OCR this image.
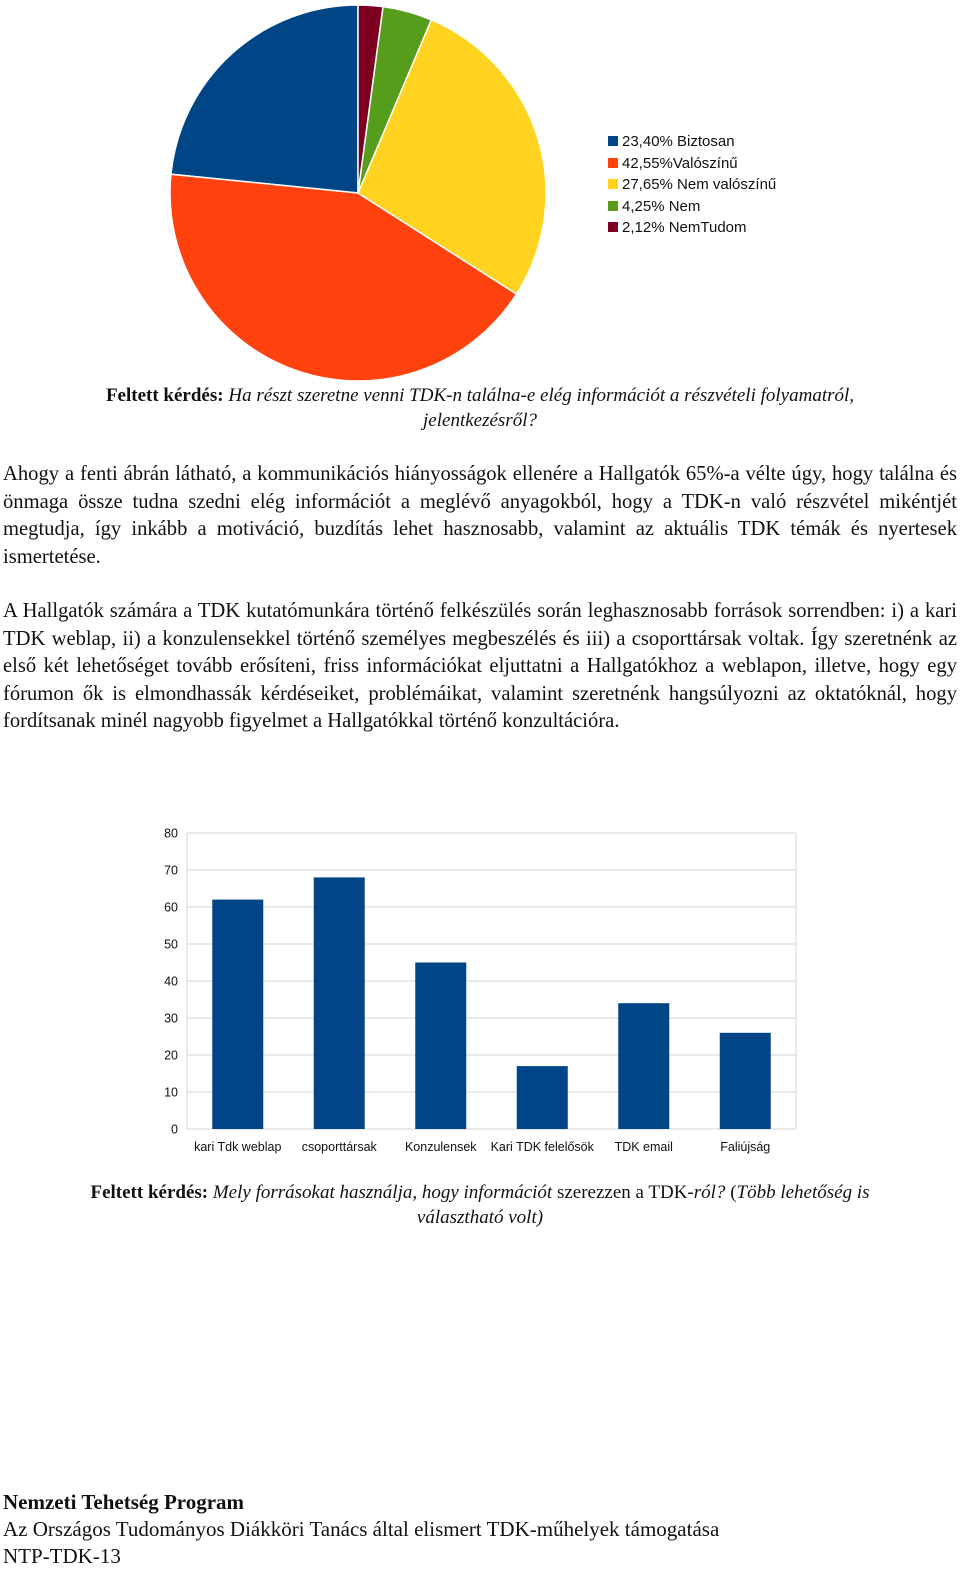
23,40% Biztosan
42,55%Valószínű
27,65% Nem valószínű
4,25% Nem
2,12% NemTudom
Feltett kérdés: Ha részt szeretne venni TDK-n találna-e elég információt a részvételi folyamatról,
jelentkezésről?
Ahogy a fenti ábrán látható, a kommunikációs hiányosságok ellenére a Hallgatók 65%-a vélte úgy, hogy találna és önmaga össze tudna szedni elég információt a meglévő anyagokból, hogy a TDK-n való részvétel mikéntjét megtudja, így inkább a motiváció, buzdítás lehet hasznosabb, valamint az aktuális TDK témák és nyertesek ismertetése.
A Hallgatók számára a TDK kutatómunkára történő felkészülés során leghasznosabb források sorrendben: i) a kari TDK weblap, ii) a konzulensekkel történő személyes megbeszélés és iii) a csoporttársak voltak. Így szeretnénk az első két lehetőséget tovább erősíteni, friss információkat eljuttatni a Hallgatókhoz a weblapon, illetve, hogy egy fórumon ők is elmondhassák kérdéseiket, problémáikat, valamint szeretnénk hangsúlyozni az oktatóknál, hogy fordítsanak minél nagyobb figyelmet a Hallgatókkal történő konzultációra.
0
10
20
30
40
50
60
70
80
kari Tdk weblap csoporttársak Konzulensek Kari TDK felelősök TDK email	Faliújság
Feltett kérdés: Mely forrásokat használja, hogy információt szerezzen a TDK-ról? (Több lehetőség is
választható volt)
Nemzeti Tehetség Program
Az Országos Tudományos Diákköri Tanács által elismert TDK-műhelyek támogatása
NTP-TDK-13
